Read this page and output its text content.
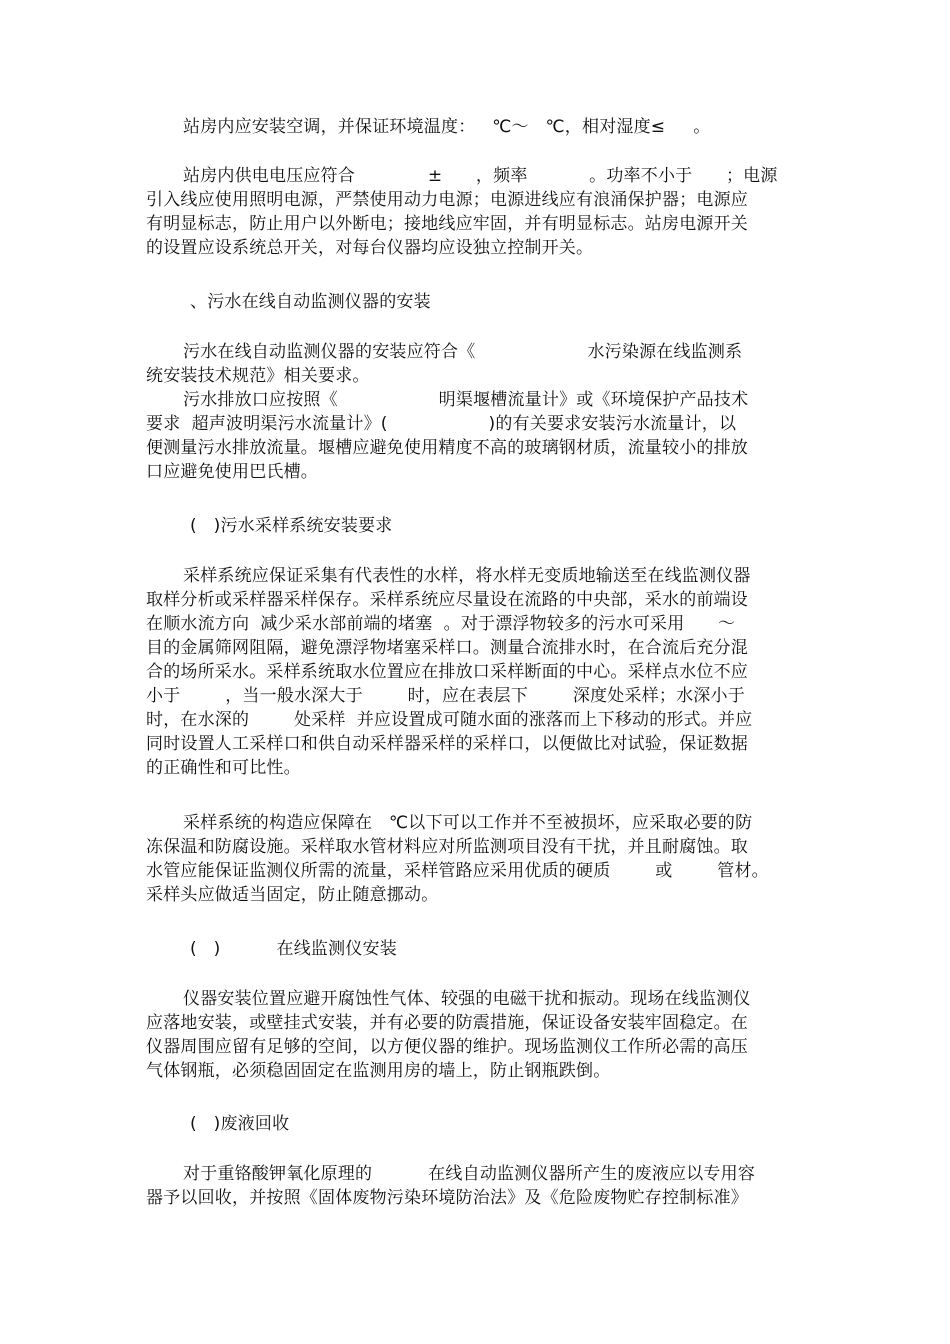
站房内应安装空调，并保证环境温度：   ℃～   ℃，相对湿度≤     。
站房内供电电压应符合             ±      ，频率           。功率不小于      ；电源
引入线应使用照明电源，严禁使用动力电源；电源进线应有浪涌保护器；电源应
有明显标志，防止用户以外断电；接地线应牢固，并有明显标志。站房电源开关
的设置应设系统总开关，对每台仪器均应设独立控制开关。
、污水在线自动监测仪器的安装
污水在线自动监测仪器的安装应符合《                    水污染源在线监测系
统安装技术规范》相关要求。
污水排放口应按照《                  明渠堰槽流量计》或《环境保护产品技术
要求  超声波明渠污水流量计》(                  )的有关要求安装污水流量计，以
便测量污水排放流量。堰槽应避免使用精度不高的玻璃钢材质，流量较小的排放
口应避免使用巴氏槽。
(   )污水采样系统安装要求
采样系统应保证采集有代表性的水样，将水样无变质地输送至在线监测仪器
取样分析或采样器采样保存。采样系统应尽量设在流路的中央部，采水的前端设
在顺水流方向  减少采水部前端的堵塞  。对于漂浮物较多的污水可采用      ～
目的金属筛网阻隔，避免漂浮物堵塞采样口。测量合流排水时，在合流后充分混
合的场所采水。采样系统取水位置应在排放口采样断面的中心。采样点水位不应
小于        ，当一般水深大于        时，应在表层下        深度处采样；水深小于
时，在水深的        处采样  并应设置成可随水面的涨落而上下移动的形式。并应
同时设置人工采样口和供自动采样器采样的采样口，以便做比对试验，保证数据
的正确性和可比性。
采样系统的构造应保障在   ℃以下可以工作并不至被损坏，应采取必要的防
冻保温和防腐设施。采样取水管材料应对所监测项目没有干扰，并且耐腐蚀。取
水管应能保证监测仪所需的流量，采样管路应采用优质的硬质        或        管材。
采样头应做适当固定，防止随意挪动。
(   )          在线监测仪安装
仪器安装位置应避开腐蚀性气体、较强的电磁干扰和振动。现场在线监测仪
应落地安装，或壁挂式安装，并有必要的防震措施，保证设备安装牢固稳定。在
仪器周围应留有足够的空间，以方便仪器的维护。现场监测仪工作所必需的高压
气体钢瓶，必须稳固固定在监测用房的墙上，防止钢瓶跌倒。
(   )废液回收
对于重铬酸钾氧化原理的          在线自动监测仪器所产生的废液应以专用容
器予以回收，并按照《固体废物污染环境防治法》及《危险废物贮存控制标准》
